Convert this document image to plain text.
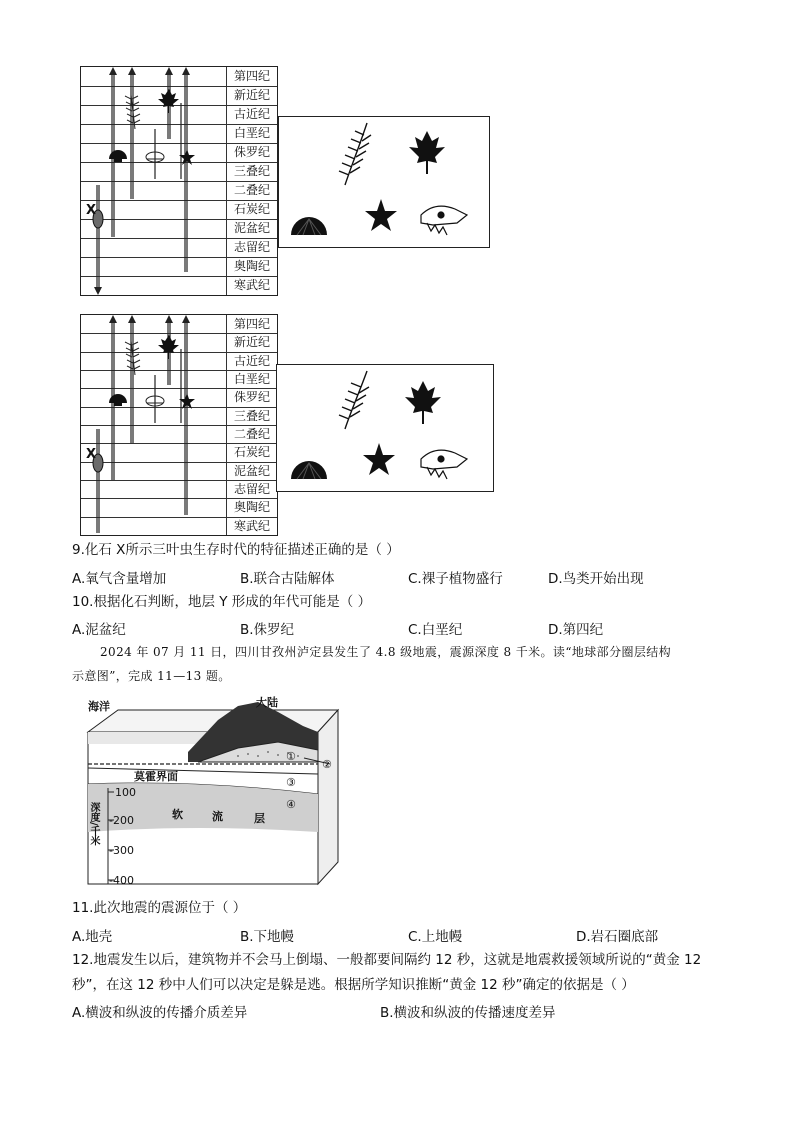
X
第四纪
新近纪
古近纪
白垩纪
侏罗纪
三叠纪
二叠纪
石炭纪
泥盆纪
志留纪
奥陶纪
寒武纪
X
第四纪
新近纪
古近纪
白垩纪
侏罗纪
三叠纪
二叠纪
石炭纪
泥盆纪
志留纪
奥陶纪
寒武纪
9.化石 X所示三叶虫生存时代的特征描述正确的是（ ）
A.氧气含量增加	B.联合古陆解体	C.裸子植物盛行	D.鸟类开始出现
10.根据化石判断，地层 Y 形成的年代可能是（ ）
A.泥盆纪	B.侏罗纪	C.白垩纪	D.第四纪
2024 年 07 月 11 日，四川甘孜州泸定县发生了 4.8 级地震，震源深度 8 千米。读“地球部分圈层结构
示意图”，完成 11—13 题。
海洋	大陆
莫霍界面
软	流	层
深度/千米
100
-200
-300
-400
①
②
③
④
11.此次地震的震源位于（ ）
A.地壳	B.下地幔	C.上地幔	D.岩石圈底部
12.地震发生以后，建筑物并不会马上倒塌、一般都要间隔约 12 秒，这就是地震救援领域所说的“黄金 12
秒”，在这 12 秒中人们可以决定是躲是逃。根据所学知识推断“黄金 12 秒”确定的依据是（ ）
A.横波和纵波的传播介质差异	B.横波和纵波的传播速度差异
